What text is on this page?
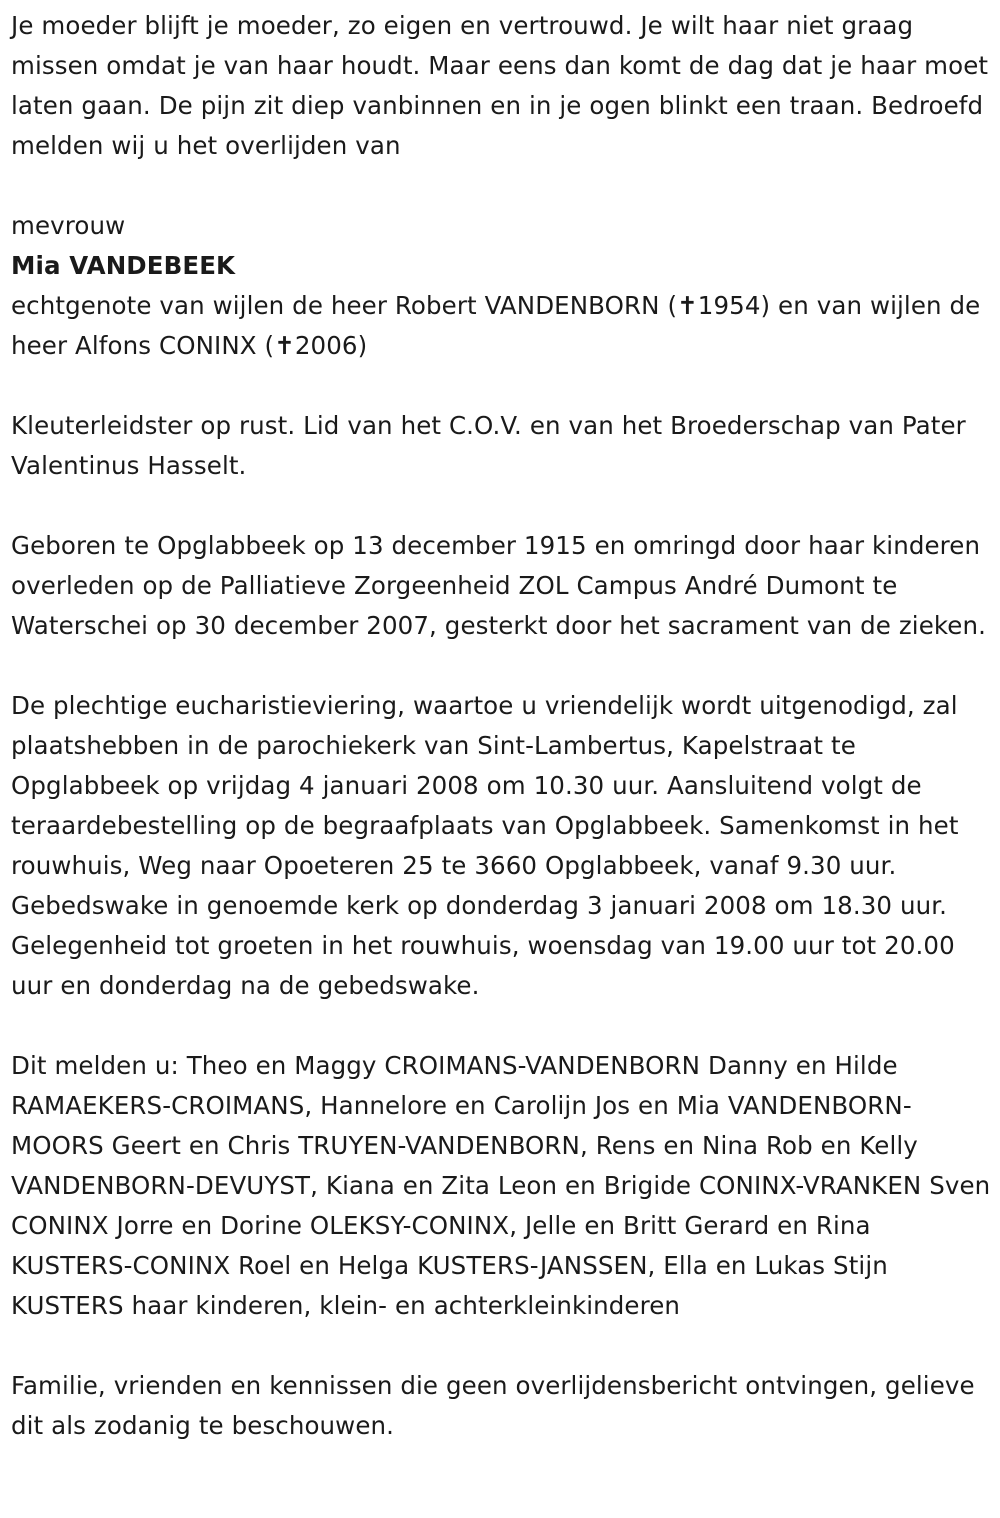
Je moeder blijft je moeder, zo eigen en vertrouwd. Je wilt haar niet graag missen omdat je van haar houdt. Maar eens dan komt de dag dat je haar moet laten gaan. De pijn zit diep vanbinnen en in je ogen blinkt een traan. Bedroefd melden wij u het overlijden van

mevrouw

Mia VANDEBEEK

echtgenote van wijlen de heer Robert VANDENBORN (✝1954) en van wijlen de heer Alfons CONINX (✝2006)

Kleuterleidster op rust. Lid van het C.O.V. en van het Broederschap van Pater Valentinus Hasselt.

Geboren te Opglabbeek op 13 december 1915 en omringd door haar kinderen overleden op de Palliatieve Zorgeenheid ZOL Campus André Dumont te Waterschei op 30 december 2007, gesterkt door het sacrament van de zieken.

De plechtige eucharistieviering, waartoe u vriendelijk wordt uitgenodigd, zal plaatshebben in de parochiekerk van Sint-Lambertus, Kapelstraat te Opglabbeek op vrijdag 4 januari 2008 om 10.30 uur. Aansluitend volgt de teraardebestelling op de begraafplaats van Opglabbeek. Samenkomst in het rouwhuis, Weg naar Opoeteren 25 te 3660 Opglabbeek, vanaf 9.30 uur. Gebedswake in genoemde kerk op donderdag 3 januari 2008 om 18.30 uur. Gelegenheid tot groeten in het rouwhuis, woensdag van 19.00 uur tot 20.00 uur en donderdag na de gebedswake.

Dit melden u: Theo en Maggy CROIMANS-VANDENBORN Danny en Hilde RAMAEKERS-CROIMANS, Hannelore en Carolijn Jos en Mia VANDENBORN-MOORS Geert en Chris TRUYEN-VANDENBORN, Rens en Nina Rob en Kelly VANDENBORN-DEVUYST, Kiana en Zita Leon en Brigide CONINX-VRANKEN Sven CONINX Jorre en Dorine OLEKSY-CONINX, Jelle en Britt Gerard en Rina KUSTERS-CONINX Roel en Helga KUSTERS-JANSSEN, Ella en Lukas Stijn KUSTERS haar kinderen, klein- en achterkleinkinderen

Familie, vrienden en kennissen die geen overlijdensbericht ontvingen, gelieve dit als zodanig te beschouwen.
